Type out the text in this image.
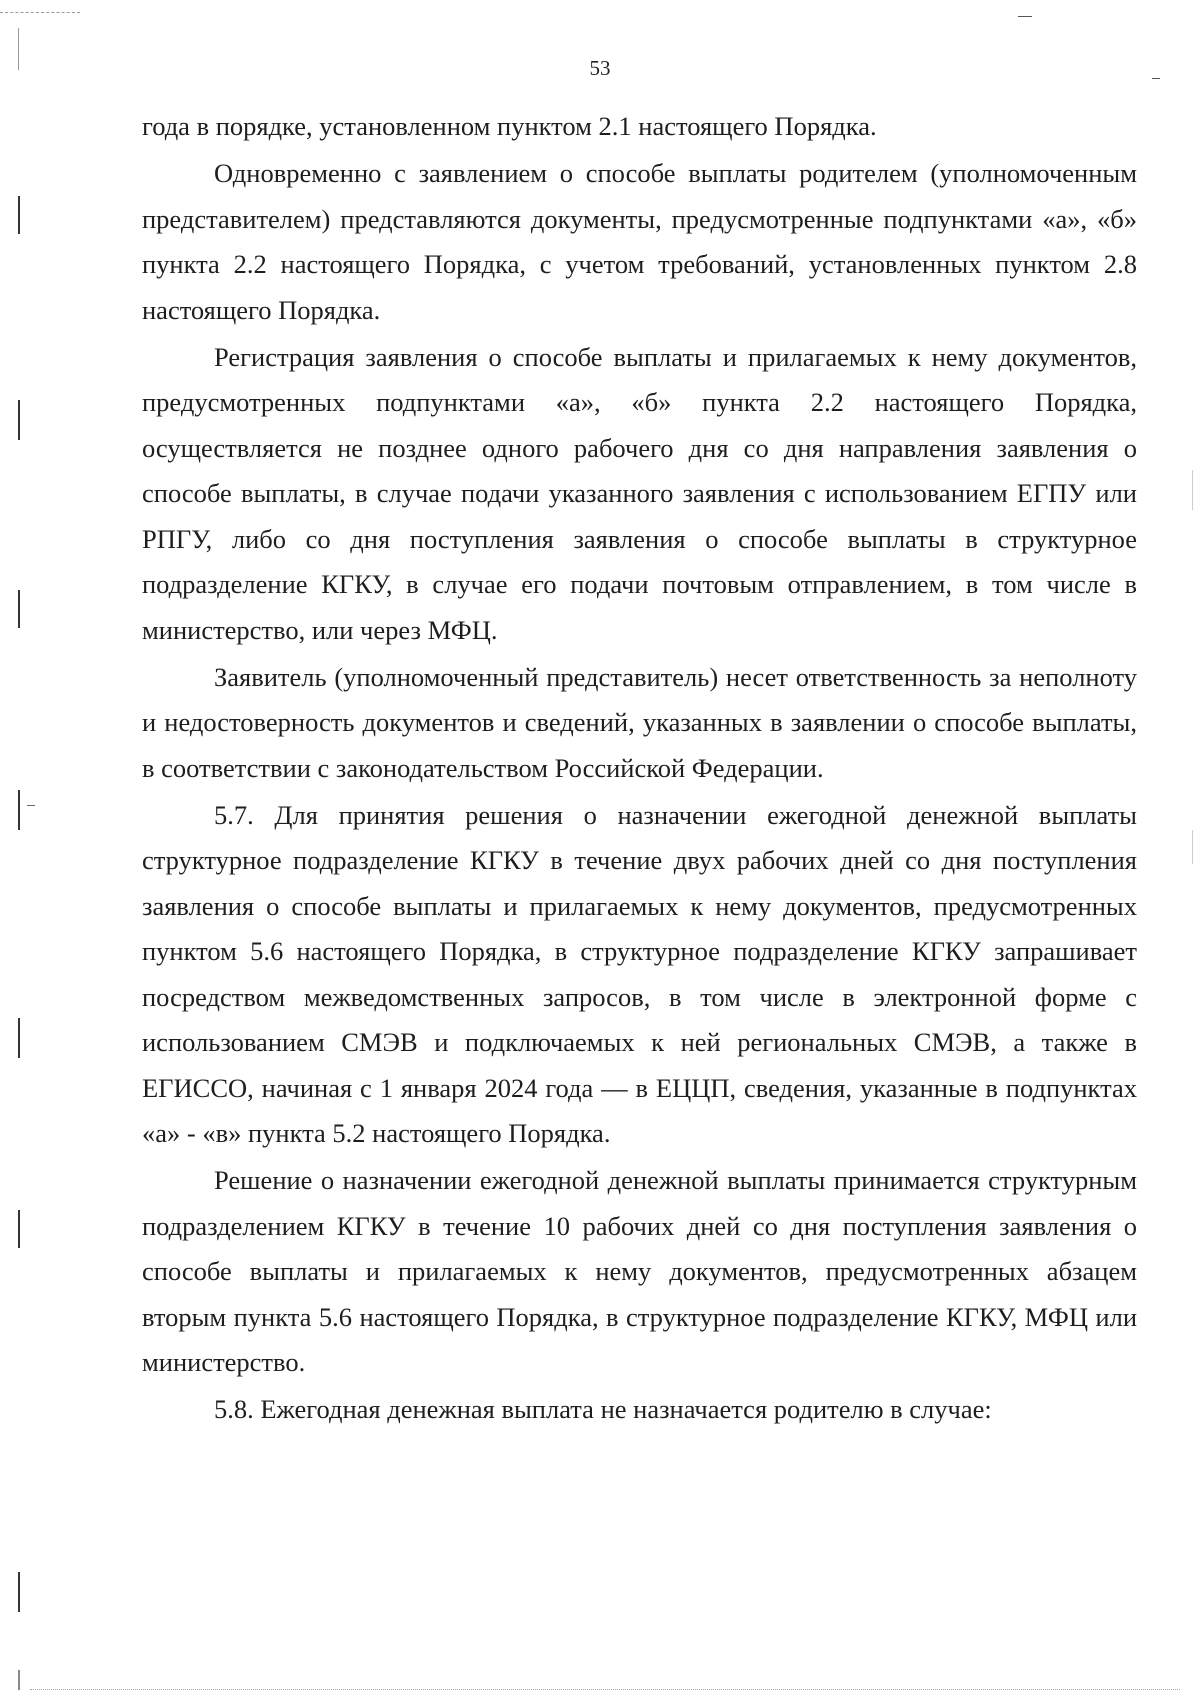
53

года в порядке, установленном пунктом 2.1 настоящего Порядка.

Одновременно с заявлением о способе выплаты родителем (уполномоченным представителем) представляются документы, предусмотренные подпунктами «а», «б» пункта 2.2 настоящего Порядка, с учетом требований, установленных пунктом 2.8 настоящего Порядка.

Регистрация заявления о способе выплаты и прилагаемых к нему документов, предусмотренных подпунктами «а», «б» пункта 2.2 настоящего Порядка, осуществляется не позднее одного рабочего дня со дня направления заявления о способе выплаты, в случае подачи указанного заявления с использованием ЕГПУ или РПГУ, либо со дня поступления заявления о способе выплаты в структурное подразделение КГКУ, в случае его подачи почтовым отправлением, в том числе в министерство, или через МФЦ.

Заявитель (уполномоченный представитель) несет ответственность за неполноту и недостоверность документов и сведений, указанных в заявлении о способе выплаты, в соответствии с законодательством Российской Федерации.

5.7. Для принятия решения о назначении ежегодной денежной выплаты структурное подразделение КГКУ в течение двух рабочих дней со дня поступления заявления о способе выплаты и прилагаемых к нему документов, предусмотренных пунктом 5.6 настоящего Порядка, в структурное подразделение КГКУ запрашивает посредством межведомственных запросов, в том числе в электронной форме с использованием СМЭВ и подключаемых к ней региональных СМЭВ, а также в ЕГИССО, начиная с 1 января 2024 года — в ЕЦЦП, сведения, указанные в подпунктах «а» - «в» пункта 5.2 настоящего Порядка.

Решение о назначении ежегодной денежной выплаты принимается структурным подразделением КГКУ в течение 10 рабочих дней со дня поступления заявления о способе выплаты и прилагаемых к нему документов, предусмотренных абзацем вторым пункта 5.6 настоящего Порядка, в структурное подразделение КГКУ, МФЦ или министерство.

5.8. Ежегодная денежная выплата не назначается родителю в случае:
